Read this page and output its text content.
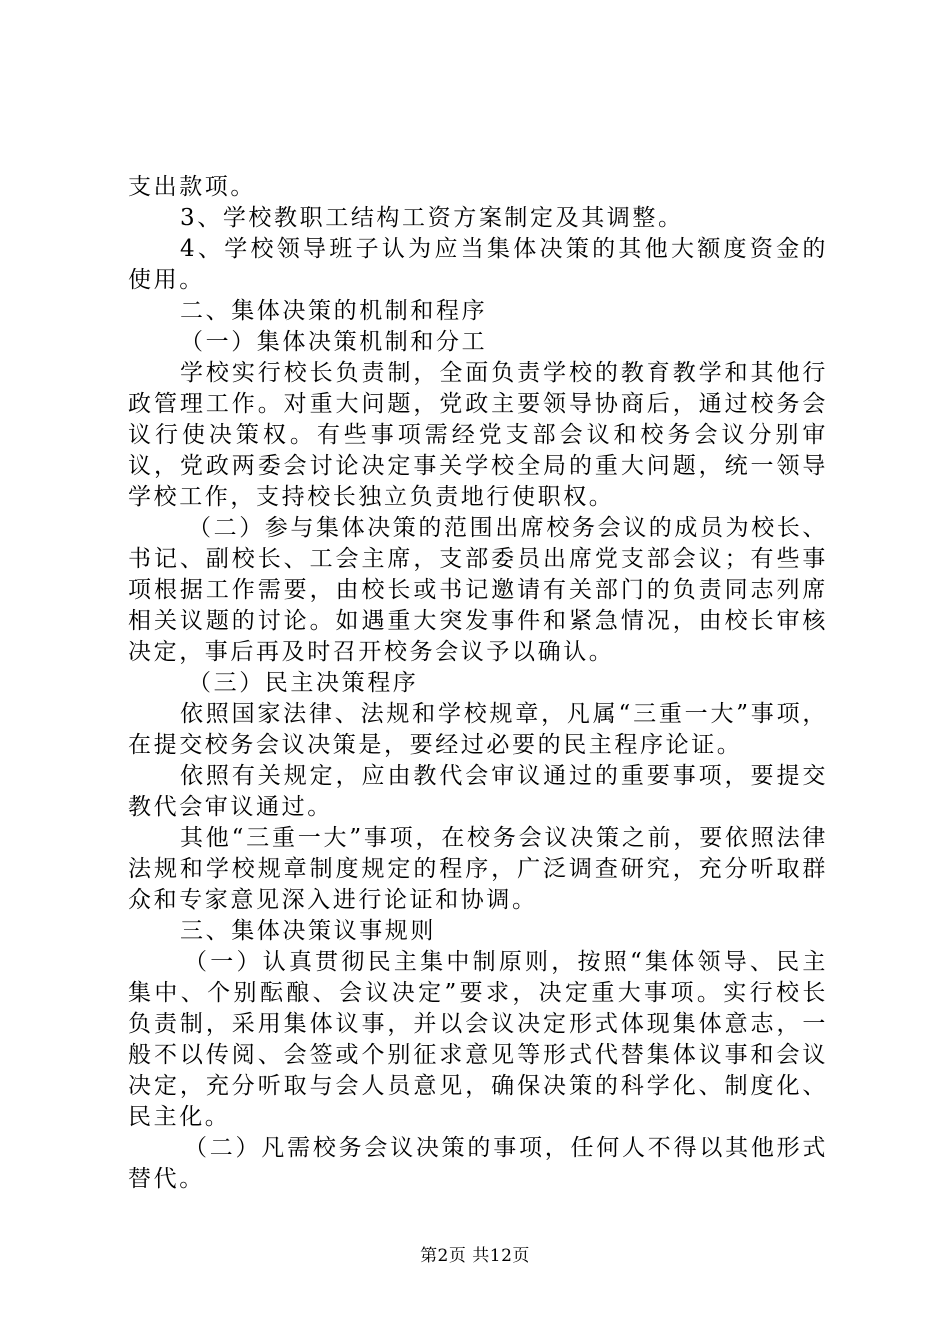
支出款项。

3、学校教职工结构工资方案制定及其调整。

4、学校领导班子认为应当集体决策的其他大额度资金的使用。

二、集体决策的机制和程序

（一）集体决策机制和分工

学校实行校长负责制，全面负责学校的教育教学和其他行政管理工作。对重大问题，党政主要领导协商后，通过校务会议行使决策权。有些事项需经党支部会议和校务会议分别审议，党政两委会讨论决定事关学校全局的重大问题，统一领导学校工作，支持校长独立负责地行使职权。

（二）参与集体决策的范围出席校务会议的成员为校长、书记、副校长、工会主席，支部委员出席党支部会议；有些事项根据工作需要，由校长或书记邀请有关部门的负责同志列席相关议题的讨论。如遇重大突发事件和紧急情况，由校长审核决定，事后再及时召开校务会议予以确认。

（三）民主决策程序

依照国家法律、法规和学校规章，凡属“三重一大”事项，在提交校务会议决策是，要经过必要的民主程序论证。

依照有关规定，应由教代会审议通过的重要事项，要提交教代会审议通过。

其他“三重一大”事项，在校务会议决策之前，要依照法律法规和学校规章制度规定的程序，广泛调查研究，充分听取群众和专家意见深入进行论证和协调。

三、集体决策议事规则

（一）认真贯彻民主集中制原则，按照“集体领导、民主集中、个别酝酿、会议决定”要求，决定重大事项。实行校长负责制，采用集体议事，并以会议决定形式体现集体意志，一般不以传阅、会签或个别征求意见等形式代替集体议事和会议决定，充分听取与会人员意见，确保决策的科学化、制度化、民主化。

（二）凡需校务会议决策的事项，任何人不得以其他形式替代。

第2页 共12页
